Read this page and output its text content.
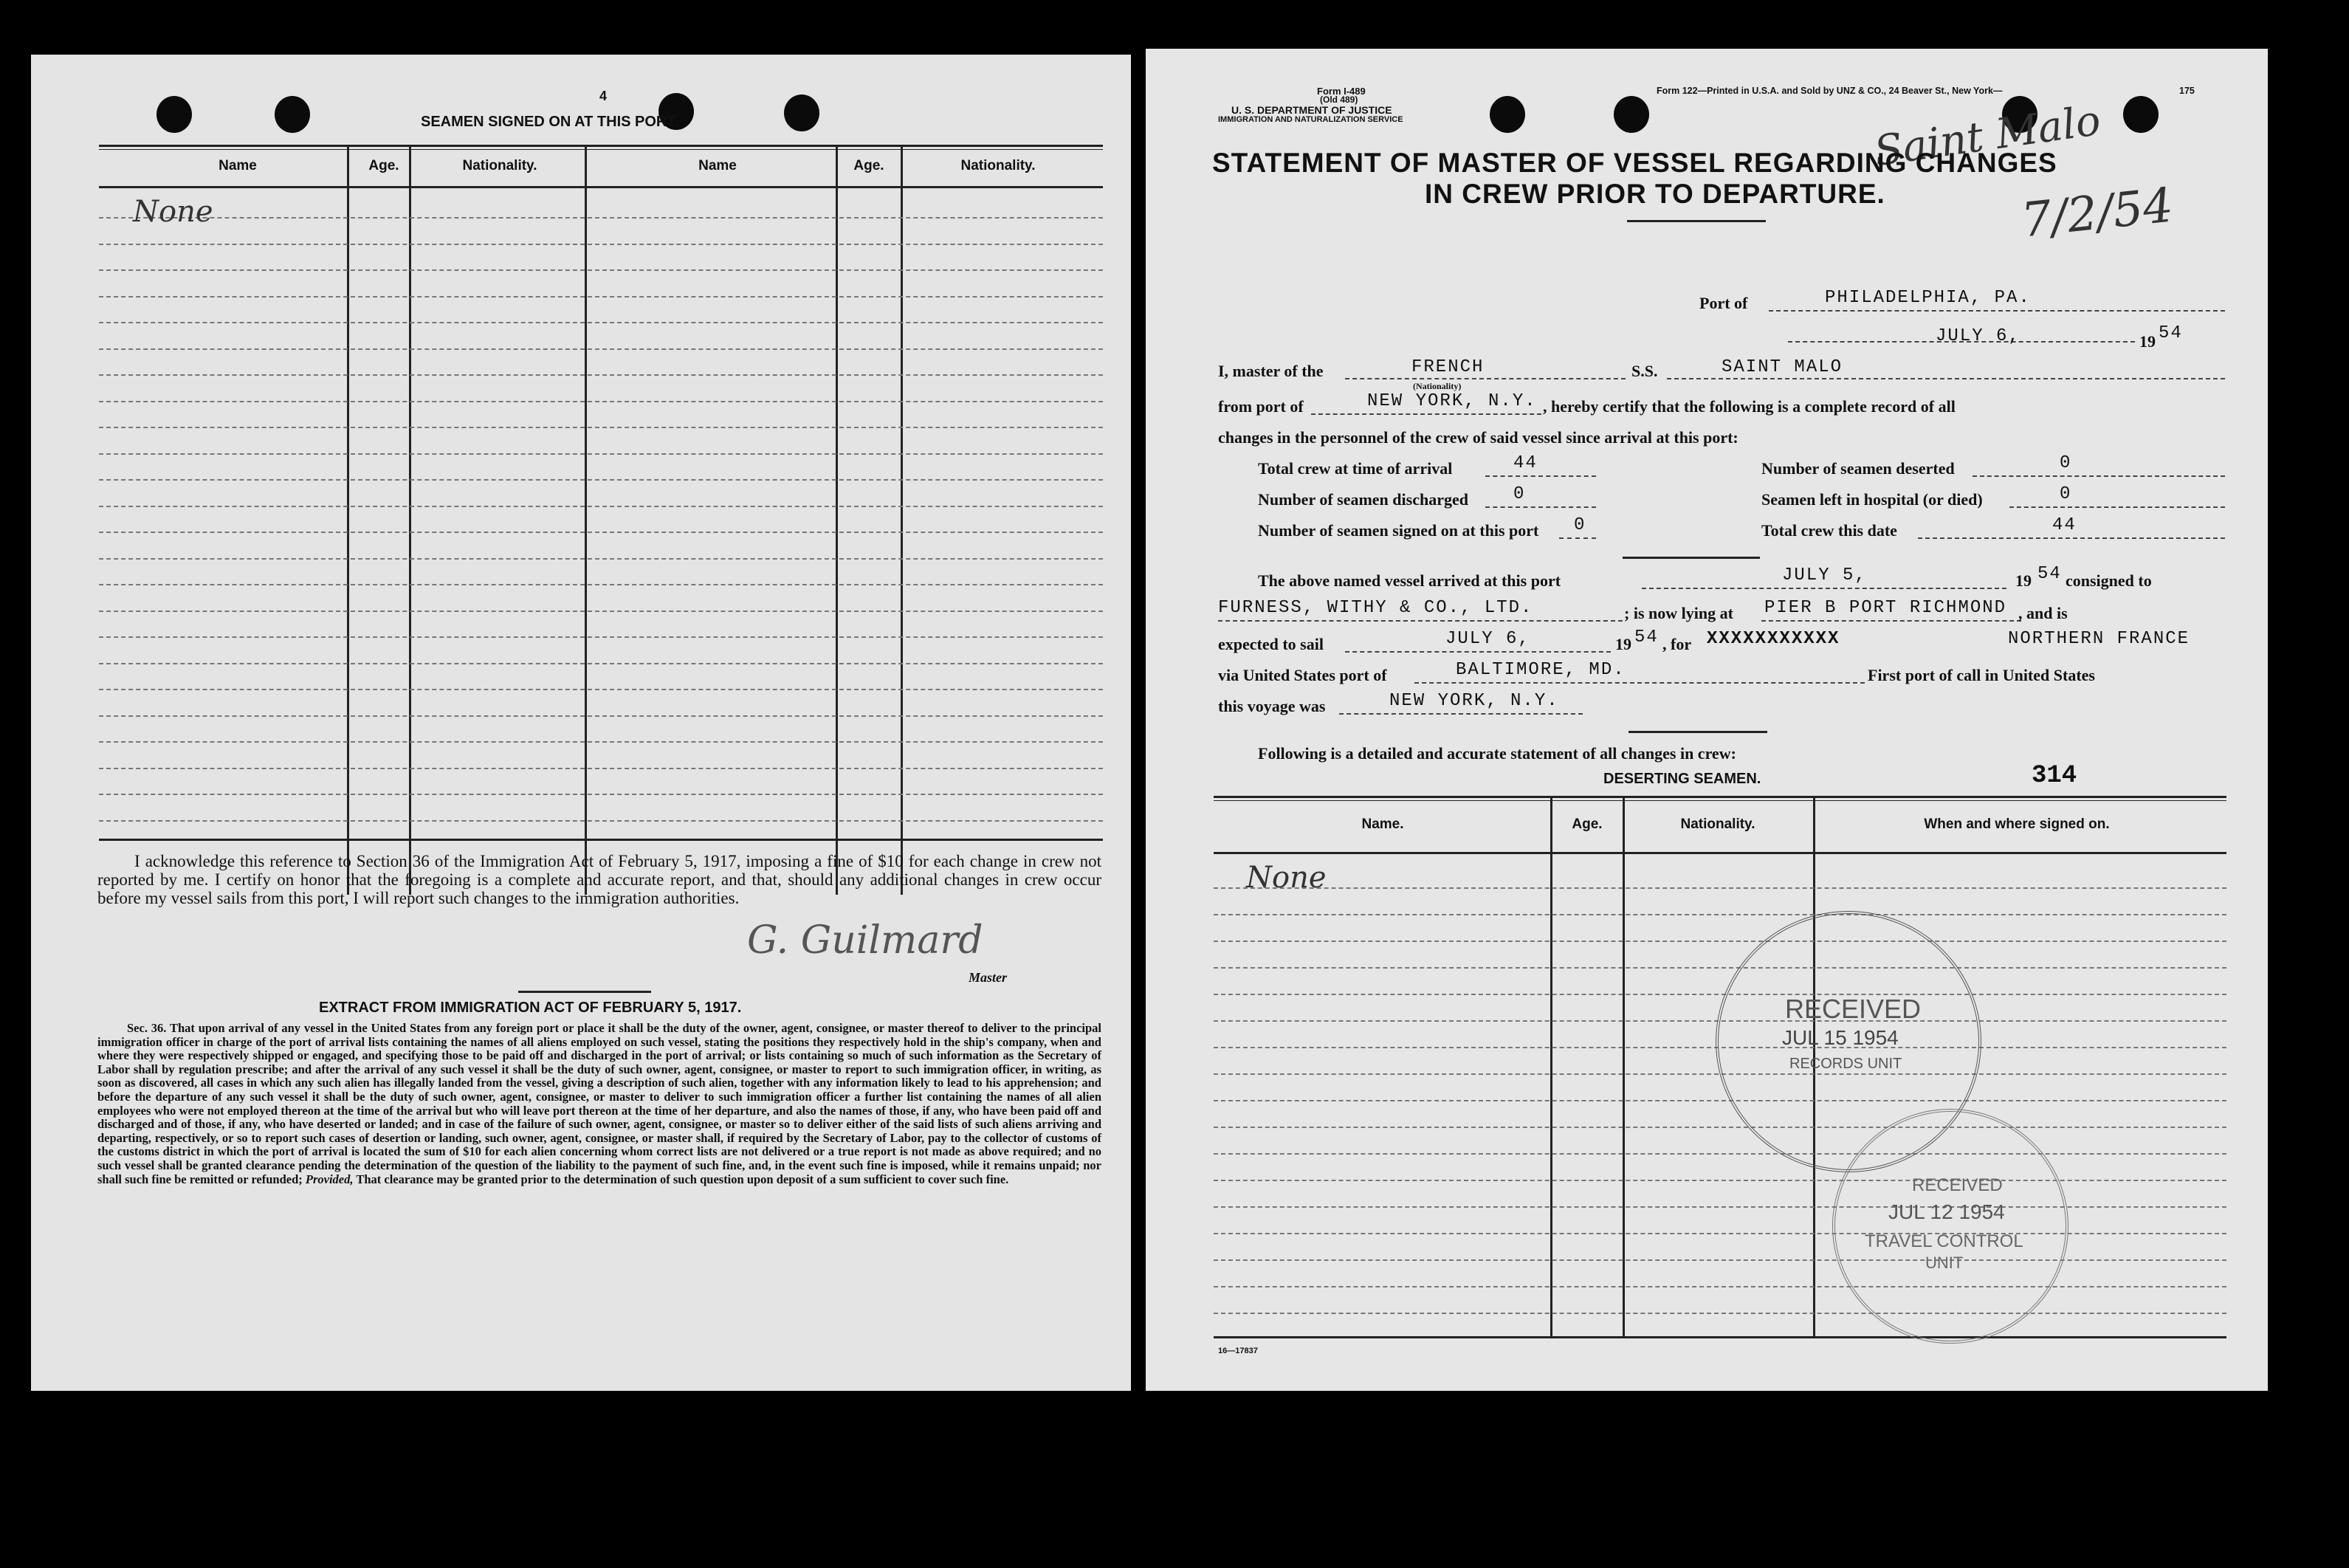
4
SEAMEN SIGNED ON AT THIS PORT.
Name	Age.	Nationality.	Name	Age.	Nationality.
None
I acknowledge this reference to Section 36 of the Immigration Act of February 5, 1917, imposing a fine of $10 for each change in crew not reported by me. I certify on honor that the foregoing is a complete and accurate report, and that, should any additional changes in crew occur before my vessel sails from this port, I will report such changes to the immigration authorities.
G. Guilmard
Master
EXTRACT FROM IMMIGRATION ACT OF FEBRUARY 5, 1917.
Sec. 36. That upon arrival of any vessel in the United States from any foreign port or place it shall be the duty of the owner, agent, consignee, or master thereof to deliver to the principal immigration officer in charge of the port of arrival lists containing the names of all aliens employed on such vessel, stating the positions they respectively hold in the ship's company, when and where they were respectively shipped or engaged, and specifying those to be paid off and discharged in the port of arrival; or lists containing so much of such information as the Secretary of Labor shall by regulation prescribe; and after the arrival of any such vessel it shall be the duty of such owner, agent, consignee, or master to report to such immigration officer, in writing, as soon as discovered, all cases in which any such alien has illegally landed from the vessel, giving a description of such alien, together with any information likely to lead to his apprehension; and before the departure of any such vessel it shall be the duty of such owner, agent, consignee, or master to deliver to such immigration officer a further list containing the names of all alien employees who were not employed thereon at the time of the arrival but who will leave port thereon at the time of her departure, and also the names of those, if any, who have been paid off and discharged and of those, if any, who have deserted or landed; and in case of the failure of such owner, agent, consignee, or master so to deliver either of the said lists of such aliens arriving and departing, respectively, or so to report such cases of desertion or landing, such owner, agent, consignee, or master shall, if required by the Secretary of Labor, pay to the collector of customs of the customs district in which the port of arrival is located the sum of $10 for each alien concerning whom correct lists are not delivered or a true report is not made as above required; and no such vessel shall be granted clearance pending the determination of the question of the liability to the payment of such fine, and, in the event such fine is imposed, while it remains unpaid; nor shall such fine be remitted or refunded; Provided, That clearance may be granted prior to the determination of such question upon deposit of a sum sufficient to cover such fine.
Form I-489
(Old 489)
U. S. DEPARTMENT OF JUSTICE
IMMIGRATION AND NATURALIZATION SERVICE
Form 122—Printed in U.S.A. and Sold by UNZ & CO., 24 Beaver St., New York—	175
Saint Malo
7/2/54
STATEMENT OF MASTER OF VESSEL REGARDING CHANGES
IN CREW PRIOR TO DEPARTURE.
Port of	PHILADELPHIA, PA.
JULY 6,	19 54
I, master of the	FRENCH
(Nationality)
S.S.	SAINT MALO
from port of	NEW YORK, N.Y. , hereby certify that the following is a complete record of all
changes in the personnel of the crew of said vessel since arrival at this port:
Total crew at time of arrival	44	Number of seamen deserted	0
Number of seamen discharged	0	Seamen left in hospital (or died)	0
Number of seamen signed on at this port 0	Total crew this date	44
The above named vessel arrived at this port	JULY 5,	19 54 consigned to
FURNESS, WITHY & CO., LTD.	; is now lying at PIER B PORT RICHMOND , and is
expected to sail	JULY 6,	19 54 , for XXXXXXXXXXX	NORTHERN FRANCE
via United States port of	BALTIMORE, MD.	First port of call in United States
this voyage was	NEW YORK, N.Y.
Following is a detailed and accurate statement of all changes in crew:
DESERTING SEAMEN.	314
Name.	Age.	Nationality.	When and where signed on.
None
16—17837
RECEIVED
JUL 15 1954
RECORDS UNIT
RECEIVED
JUL 12 1954
TRAVEL CONTROL
UNIT
